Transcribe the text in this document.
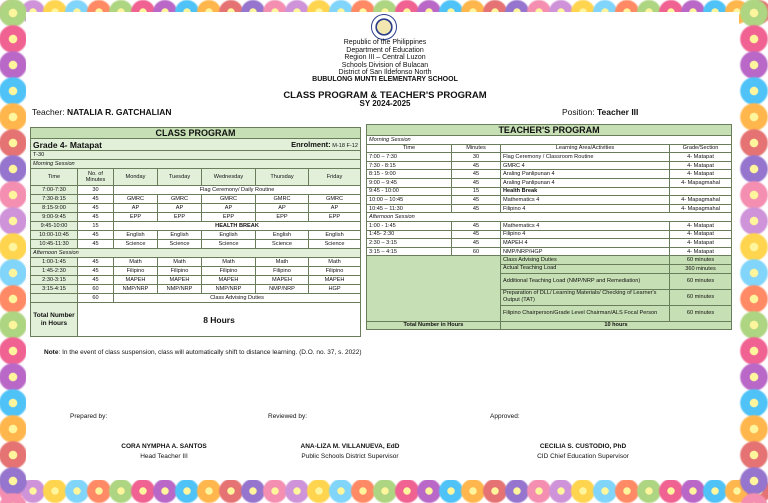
Republic of the Philippines
Department of Education
Region III – Central Luzon
Schools Division of Bulacan
District of San Ildefonso North
BUBULONG MUNTI ELEMENTARY SCHOOL
CLASS PROGRAM & TEACHER'S PROGRAM
SY 2024-2025
Teacher: NATALIA R. GATCHALIAN	Position: Teacher III
CLASS PROGRAM						
Grade 4- Matapat				Enrolment: M-18 F-12		
T-30						
Morning Session						
Time	No. of Minutes	Monday	Tuesday	Wednesday	Thursday	Friday
7:00-7:30	30	Flag Ceremony/ Daily Routine				
7:30-8:15	45	GMRC	GMRC	GMRC	GMRC	GMRC
8:15-9:00	45	AP	AP	AP	AP	AP
9:00-9:45	45	EPP	EPP	EPP	EPP	EPP
9:45-10:00	15	HEALTH BREAK				
10:00-10:45	45	English	English	English	English	English
10:45-11:30	45	Science	Science	Science	Science	Science
Afternoon Session						
1:00-1:45	45	Math	Math	Math	Math	Math
1:45-2:30	45	Filipino	Filipino	Filipino	Filipino	Filipino
2:30-3:15	45	MAPEH	MAPEH	MAPEH	MAPEH	MAPEH
3:15-4:15	60	NMP/NRP	NMP/NRP	NMP/NRP	NMP/NRP	HGP
	60	Class Advising Duties				
Total Number in Hours	8 Hours					
TEACHER'S PROGRAM			
Morning Session			
Time	Minutes	Learning Area/Activities	Grade/Section
7:00 – 7:30	30	Flag Ceremony / Classroom Routine	4- Matapat
7:30 - 8:15	45	GMRC 4	4- Matapat
8:15 - 9:00	45	Araling Panlipunan 4	4- Matapat
9:00 – 9:45	45	Araling Panlipunan 4	4- Mapagmahal
9:45 - 10:00	15	Health Break	
10:00 – 10:45	45	Mathematics 4	4- Mapagmahal
10:45 – 11:30	45	Filipino 4	4- Mapagmahal
Afternoon Session			
1:00 - 1:45	45	Mathematics 4	4- Matapat
1:45- 2:30	45	Filipino 4	4- Matapat
2:30 – 3:15	45	MAPEH 4	4- Matapat
3:15 – 4:15	60	NMP/NRP/HGP	4- Matapat
		Class Advising Duties	60 minutes
		Actual Teaching Load	360 minutes
		Additional Teaching Load (NMP/NRP and Remediation)	60 minutes
		Preparation of DLL/ Learning Materials/ Checking of Learner's Output (TAT)	60 minutes
		Filipino Chairperson/Grade Level Chairman/ALS Focal Person	60 minutes
Total Number in Hours		10 hours	
Note: In the event of class suspension, class will automatically shift to distance learning. (D.O. no. 37, s. 2022)
Prepared by:	Reviewed by:	Approved:
CORA NYMPHA A. SANTOS
Head Teacher III
ANA-LIZA M. VILLANUEVA, EdD
Public Schools District Supervisor
CECILIA S. CUSTODIO, PhD
CID Chief Education Supervisor
